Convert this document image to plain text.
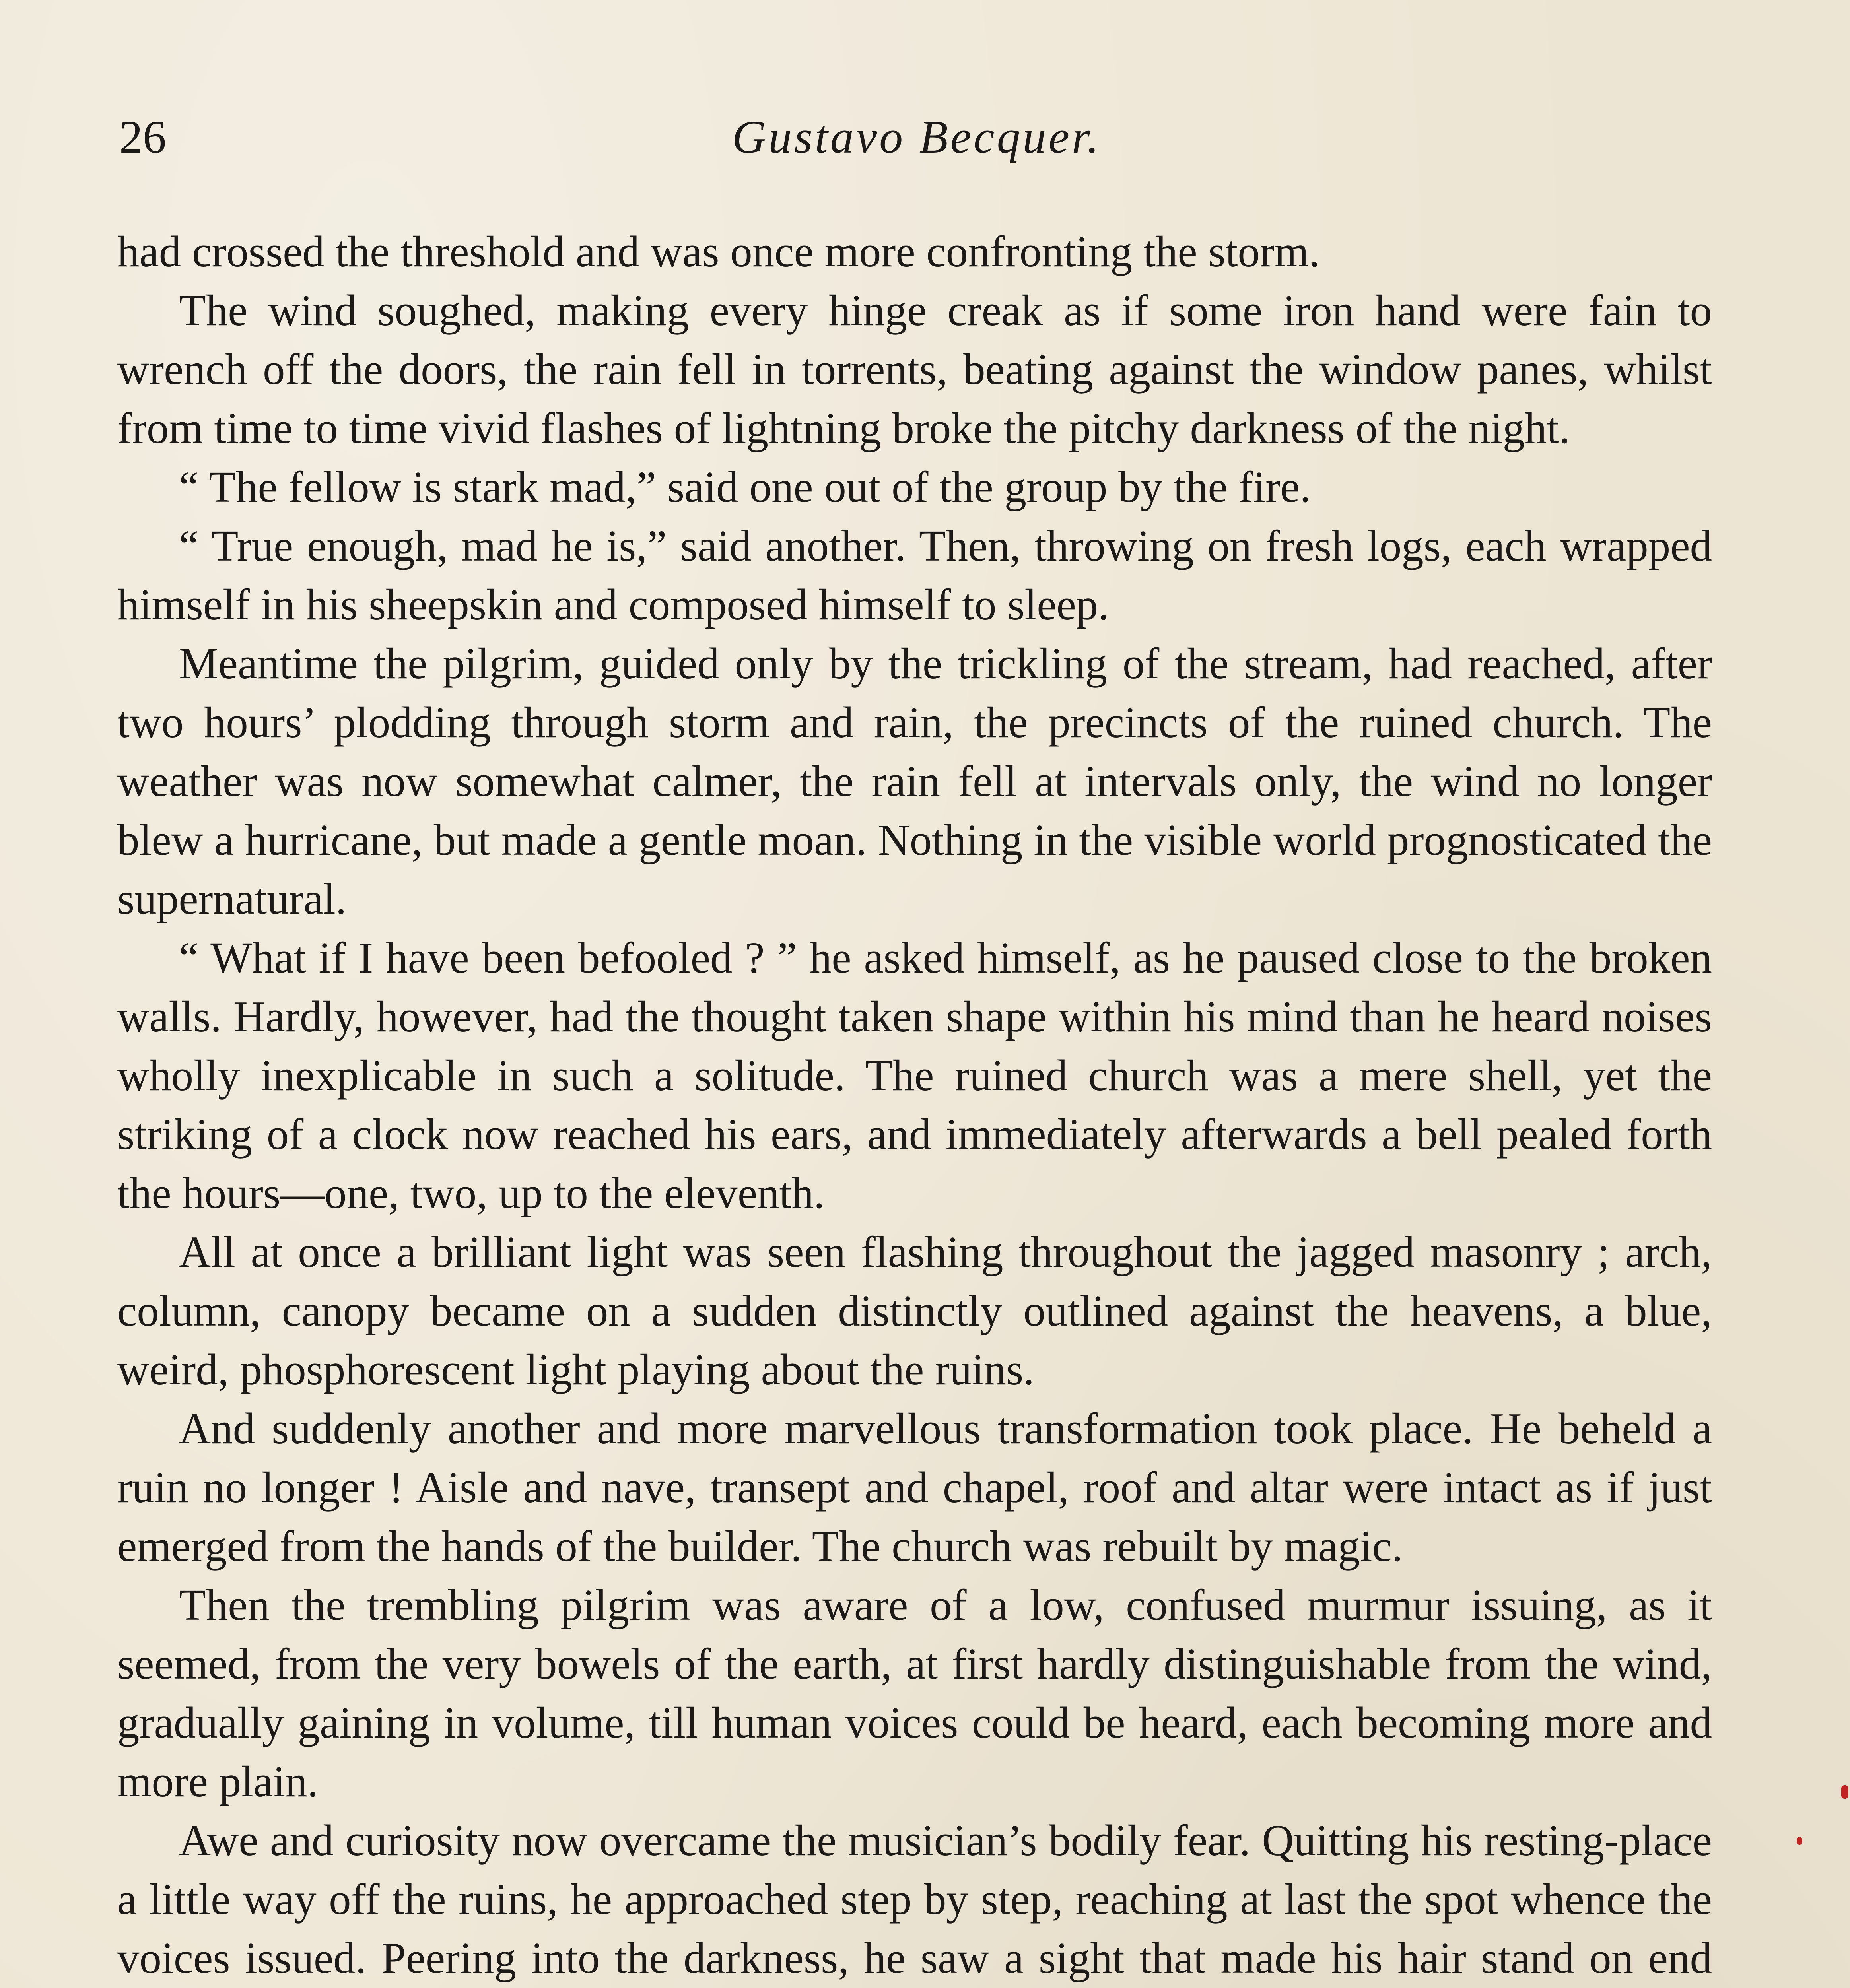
26	Gustavo Becquer.

had crossed the threshold and was once more confronting the storm.

The wind soughed, making every hinge creak as if some iron hand were fain to wrench off the doors, the rain fell in torrents, beating against the window panes, whilst from time to time vivid flashes of lightning broke the pitchy darkness of the night.

“ The fellow is stark mad,” said one out of the group by the fire.

“ True enough, mad he is,” said another. Then, throwing on fresh logs, each wrapped himself in his sheepskin and composed himself to sleep.

Meantime the pilgrim, guided only by the trickling of the stream, had reached, after two hours’ plodding through storm and rain, the precincts of the ruined church. The weather was now somewhat calmer, the rain fell at intervals only, the wind no longer blew a hurricane, but made a gentle moan. Nothing in the visible world prognosticated the supernatural.

“ What if I have been befooled ? ” he asked himself, as he paused close to the broken walls. Hardly, however, had the thought taken shape within his mind than he heard noises wholly inexplicable in such a solitude. The ruined church was a mere shell, yet the striking of a clock now reached his ears, and immediately afterwards a bell pealed forth the hours—one, two, up to the eleventh.

All at once a brilliant light was seen flashing throughout the jagged masonry ; arch, column, canopy became on a sudden distinctly outlined against the heavens, a blue, weird, phosphorescent light playing about the ruins.

And suddenly another and more marvellous transformation took place. He beheld a ruin no longer ! Aisle and nave, transept and chapel, roof and altar were intact as if just emerged from the hands of the builder. The church was rebuilt by magic.

Then the trembling pilgrim was aware of a low, confused murmur issuing, as it seemed, from the very bowels of the earth, at first hardly distinguishable from the wind, gradually gaining in volume, till human voices could be heard, each becoming more and more plain.

Awe and curiosity now overcame the musician’s bodily fear. Quitting his resting-place a little way off the ruins, he approached step by step, reaching at last the spot whence the voices issued. Peering into the darkness, he saw a sight that made his hair stand on end
